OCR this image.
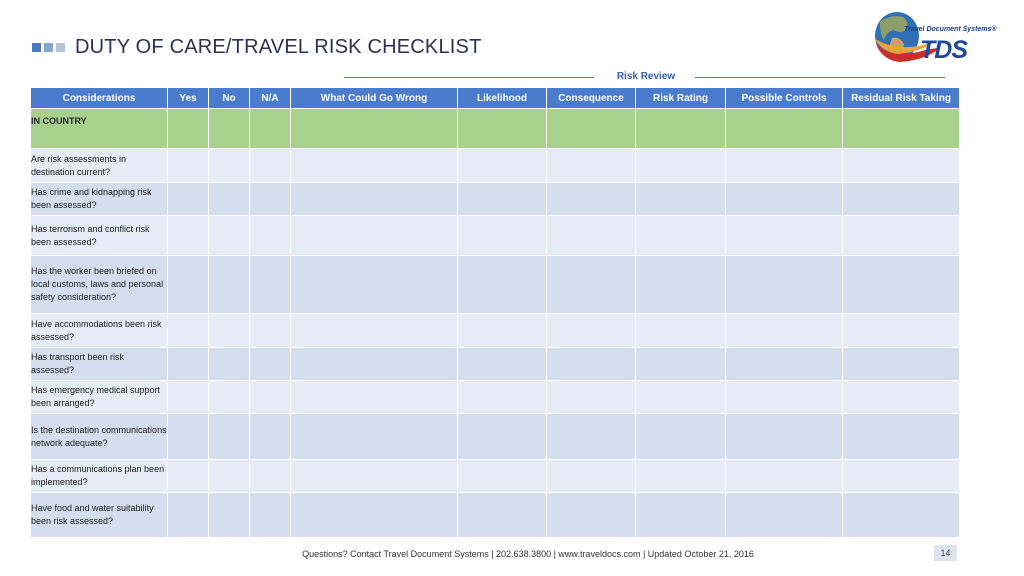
DUTY OF CARE/TRAVEL RISK CHECKLIST
Travel Document Systems®
TDS
Risk Review
Considerations	Yes	No	N/A	What Could Go Wrong	Likelihood	Consequence	Risk Rating	Possible Controls	Residual Risk Taking
IN COUNTRY									
Are risk assessments in destination current?									
Has crime and kidnapping risk been assessed?									
Has terrorism and conflict risk been assessed?									
Has the worker been briefed on local customs, laws and personal safety consideration?									
Have accommodations been risk assessed?									
Has transport been risk assessed?									
Has emergency medical support been arranged?									
Is the destination communications network adequate?									
Has a communications plan been implemented?									
Have food and water suitability been risk assessed?									
Questions? Contact Travel Document Systems | 202.638.3800 | www.traveldocs.com | Updated October 21, 2016	14
